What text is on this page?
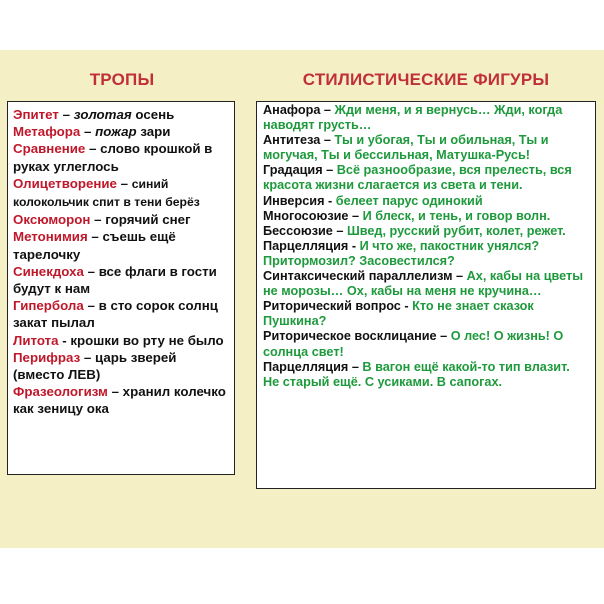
ТРОПЫ	СТИЛИСТИЧЕСКИЕ ФИГУРЫ
Эпитет – золотая осень
Метафора – пожар зари
Сравнение – слово крошкой в руках углеглось
Олицетворение – синий колокольчик спит в тени берёз
Оксюморон – горячий снег
Метонимия – съешь ещё тарелочку
Синекдоха – все флаги в гости будут к нам
Гипербола – в сто сорок солнц закат пылал
Литота - крошки во рту не было
Перифраз – царь зверей (вместо ЛЕВ)
Фразеологизм – хранил колечко как зеницу ока
Анафора – Жди меня, и я вернусь… Жди, когда наводят грусть…
Антитеза – Ты и убогая, Ты и обильная, Ты и могучая, Ты и бессильная, Матушка-Русь!
Градация – Всё разнообразие, вся прелесть, вся красота жизни слагается из света и тени.
Инверсия - белеет парус одинокий
Многосоюзие – И блеск, и тень, и говор волн.
Бессоюзие – Швед, русский рубит, колет, режет.
Парцелляция - И что же, пакостник унялся? Притормозил? Засовестился?
Синтаксический параллелизм – Ах, кабы на цветы не морозы… Ох, кабы на меня не кручина…
Риторический вопрос - Кто не знает сказок Пушкина?
Риторическое восклицание – О лес! О жизнь! О солнца свет!
Парцелляция – В вагон ещё какой-то тип влазит. Не старый ещё. С усиками. В сапогах.
